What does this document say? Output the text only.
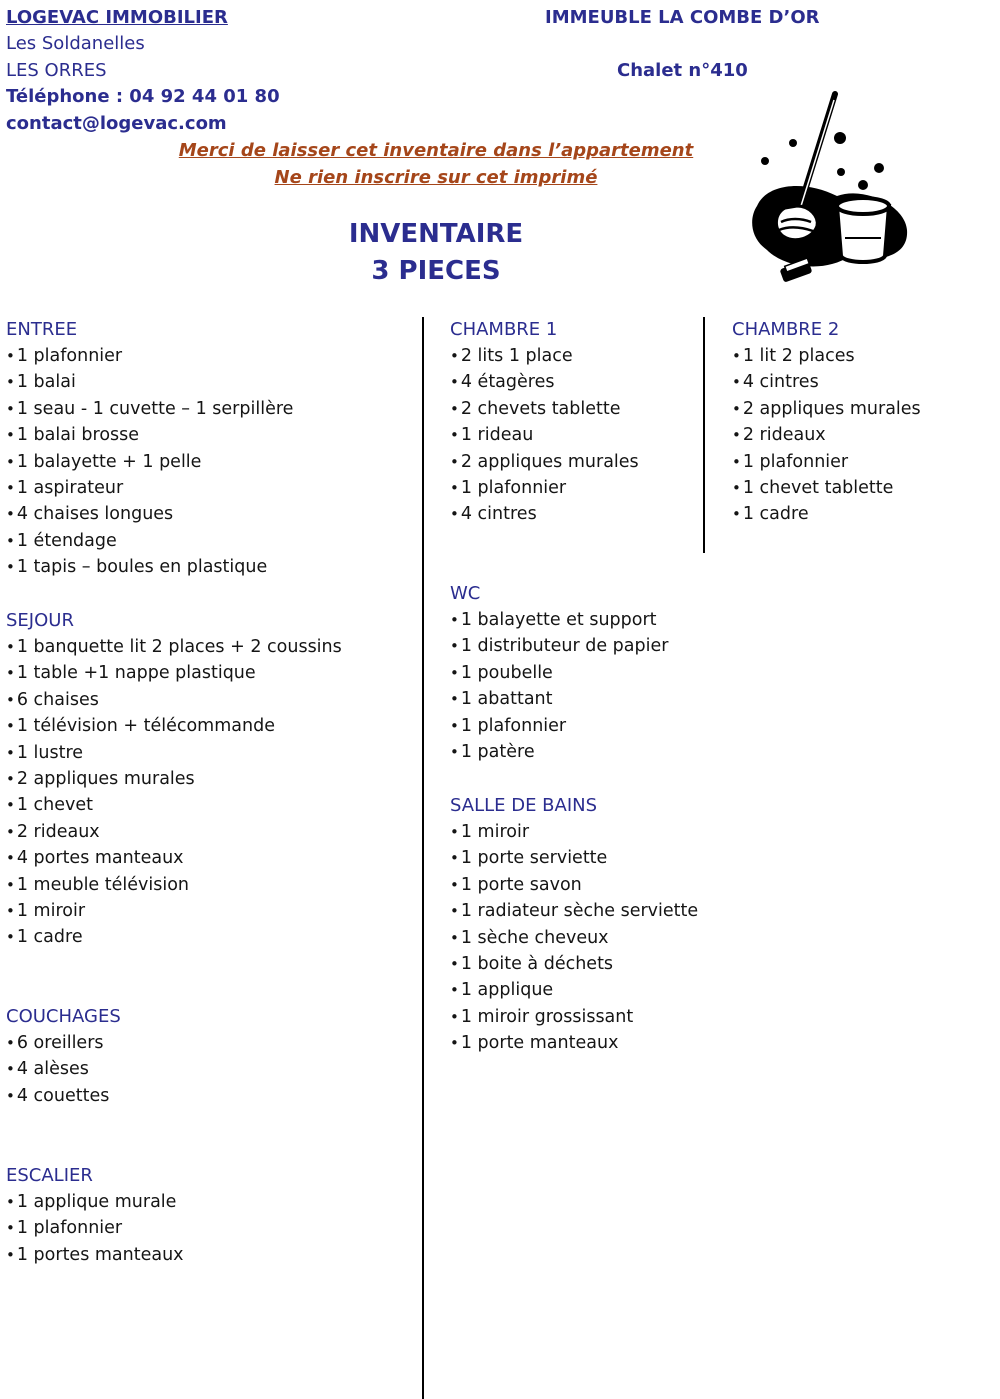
LOGEVAC IMMOBILIER
Les Soldanelles
LES ORRES
Téléphone : 04 92 44 01 80
contact@logevac.com
IMMEUBLE LA COMBE D’OR
Chalet n°410
Merci de laisser cet inventaire dans l’appartement
Ne rien inscrire sur cet imprimé
INVENTAIRE
3 PIECES
ENTREE
• 1 plafonnier
• 1 balai
• 1 seau - 1 cuvette – 1 serpillère
• 1 balai brosse
• 1 balayette + 1 pelle
• 1 aspirateur
• 4 chaises longues
• 1 étendage
• 1 tapis – boules en plastique
SEJOUR
• 1 banquette lit 2 places + 2 coussins
• 1 table +1 nappe plastique
• 6 chaises
• 1 télévision + télécommande
• 1 lustre
• 2 appliques murales
• 1 chevet
• 2 rideaux
• 4 portes manteaux
• 1 meuble télévision
• 1 miroir
• 1 cadre
COUCHAGES
• 6 oreillers
• 4 alèses
• 4 couettes
ESCALIER
• 1 applique murale
• 1 plafonnier
• 1 portes manteaux
CHAMBRE 1
• 2 lits 1 place
• 4 étagères
• 2 chevets tablette
• 1 rideau
• 2 appliques murales
• 1 plafonnier
• 4 cintres
WC
• 1 balayette et support
• 1 distributeur de papier
• 1 poubelle
• 1 abattant
• 1 plafonnier
• 1 patère
SALLE DE BAINS
• 1 miroir
• 1 porte serviette
• 1 porte savon
• 1 radiateur sèche serviette
• 1 sèche cheveux
• 1 boite à déchets
• 1 applique
• 1 miroir grossissant
• 1 porte manteaux
CHAMBRE 2
• 1 lit 2 places
• 4 cintres
• 2 appliques murales
• 2 rideaux
• 1 plafonnier
• 1 chevet tablette
• 1 cadre
